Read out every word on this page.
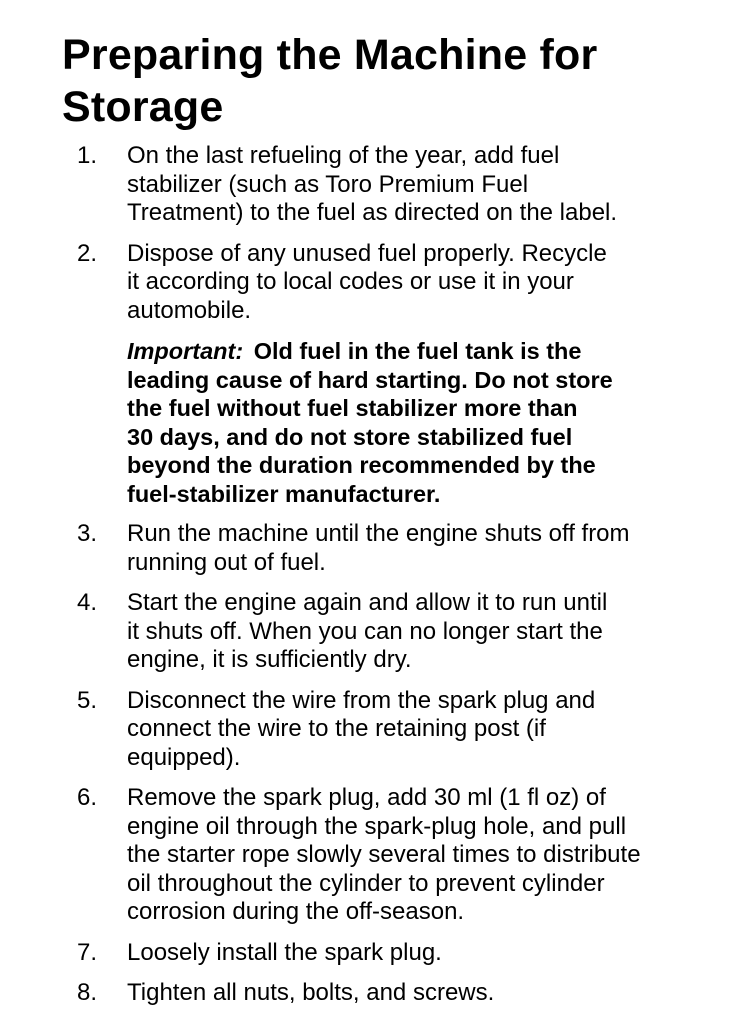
Preparing the Machine for Storage
1. On the last refueling of the year, add fuel
stabilizer (such as Toro Premium Fuel
Treatment) to the fuel as directed on the label.
2. Dispose of any unused fuel properly. Recycle
it according to local codes or use it in your
automobile.
Important: Old fuel in the fuel tank is the
leading cause of hard starting. Do not store
the fuel without fuel stabilizer more than
30 days, and do not store stabilized fuel
beyond the duration recommended by the
fuel-stabilizer manufacturer.
3. Run the machine until the engine shuts off from
running out of fuel.
4. Start the engine again and allow it to run until
it shuts off. When you can no longer start the
engine, it is sufficiently dry.
5. Disconnect the wire from the spark plug and
connect the wire to the retaining post (if
equipped).
6. Remove the spark plug, add 30 ml (1 fl oz) of
engine oil through the spark-plug hole, and pull
the starter rope slowly several times to distribute
oil throughout the cylinder to prevent cylinder
corrosion during the off-season.
7. Loosely install the spark plug.
8. Tighten all nuts, bolts, and screws.
